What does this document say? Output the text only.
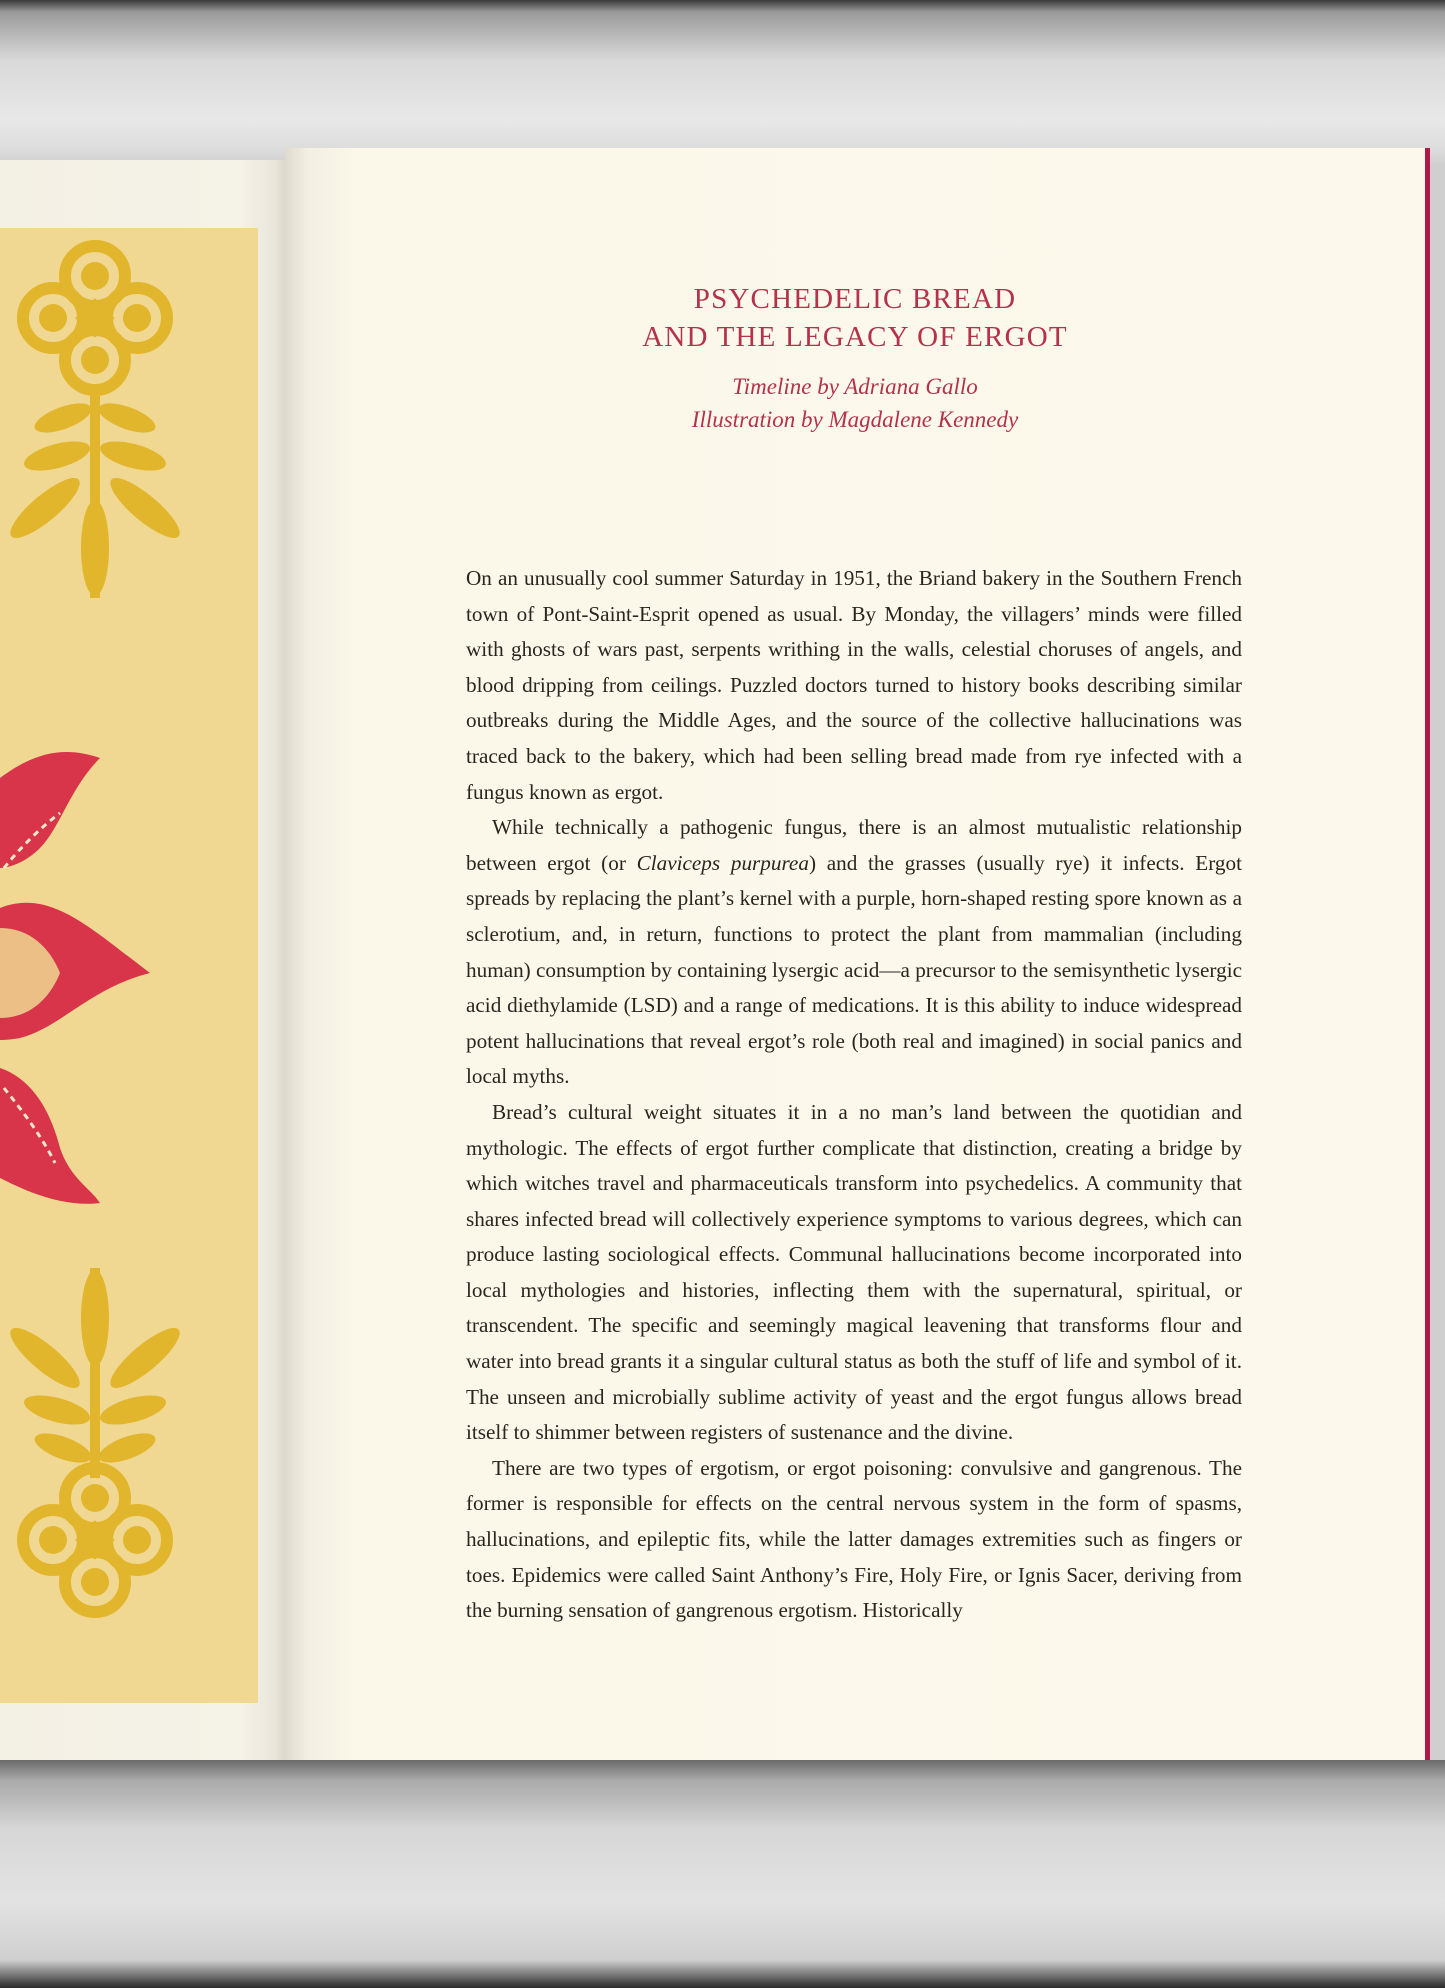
PSYCHEDELIC BREAD
AND THE LEGACY OF ERGOT
Timeline by Adriana Gallo
Illustration by Magdalene Kennedy

On an unusually cool summer Saturday in 1951, the Briand bakery in the Southern French town of Pont-Saint-Esprit opened as usual. By Monday, the villagers’ minds were filled with ghosts of wars past, serpents writhing in the walls, celestial choruses of angels, and blood dripping from ceilings. Puzzled doctors turned to history books describing similar outbreaks during the Middle Ages, and the source of the collective hallucinations was traced back to the bakery, which had been selling bread made from rye infected with a fungus known as ergot.

While technically a pathogenic fungus, there is an almost mutualistic relationship between ergot (or Claviceps purpurea) and the grasses (usually rye) it infects. Ergot spreads by replacing the plant’s kernel with a purple, horn-shaped resting spore known as a sclerotium, and, in return, functions to protect the plant from mammalian (including human) consumption by containing lysergic acid—a precursor to the semisynthetic lysergic acid diethylamide (LSD) and a range of medications. It is this ability to induce widespread potent hallucinations that reveal ergot’s role (both real and imagined) in social panics and local myths.

Bread’s cultural weight situates it in a no man’s land between the quotidian and mythologic. The effects of ergot further complicate that distinction, creating a bridge by which witches travel and pharmaceuticals transform into psychedelics. A community that shares infected bread will collectively experience symptoms to various degrees, which can produce lasting sociological effects. Communal hallucinations become incorporated into local mythologies and histories, inflecting them with the supernatural, spiritual, or transcendent. The specific and seemingly magical leavening that transforms flour and water into bread grants it a singular cultural status as both the stuff of life and symbol of it. The unseen and microbially sublime activity of yeast and the ergot fungus allows bread itself to shimmer between registers of sustenance and the divine.

There are two types of ergotism, or ergot poisoning: convulsive and gangrenous. The former is responsible for effects on the central nervous system in the form of spasms, hallucinations, and epileptic fits, while the latter damages extremities such as fingers or toes. Epidemics were called Saint Anthony’s Fire, Holy Fire, or Ignis Sacer, deriving from the burning sensation of gangrenous ergotism. Historically
